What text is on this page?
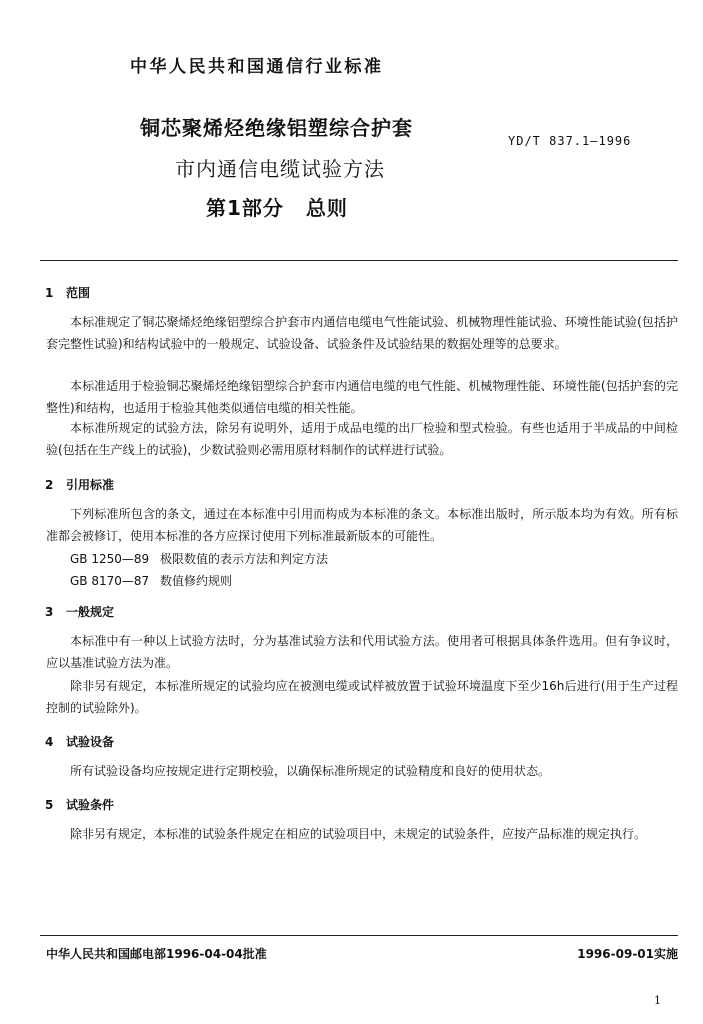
中华人民共和国通信行业标准
铜芯聚烯烃绝缘铝塑综合护套
YD/T 837.1—1996
市内通信电缆试验方法
第1部分 总则
1 范围

本标准规定了铜芯聚烯烃绝缘铝塑综合护套市内通信电缆电气性能试验、机械物理性能试验、环境性能试验(包括护套完整性试验)和结构试验中的一般规定、试验设备、试验条件及试验结果的数据处理等的总要求。

本标准适用于检验铜芯聚烯烃绝缘铝塑综合护套市内通信电缆的电气性能、机械物理性能、环境性能(包括护套的完整性)和结构，也适用于检验其他类似通信电缆的相关性能。

本标准所规定的试验方法，除另有说明外，适用于成品电缆的出厂检验和型式检验。有些也适用于半成品的中间检验(包括在生产线上的试验)，少数试验则必需用原材料制作的试样进行试验。

2 引用标准

下列标准所包含的条文，通过在本标准中引用而构成为本标准的条文。本标准出版时，所示版本均为有效。所有标准都会被修订，使用本标准的各方应探讨使用下列标准最新版本的可能性。

GB 1250—89 极限数值的表示方法和判定方法
GB 8170—87 数值修约规则
3 一般规定

本标准中有一种以上试验方法时，分为基准试验方法和代用试验方法。使用者可根据具体条件选用。但有争议时，应以基准试验方法为准。

除非另有规定，本标准所规定的试验均应在被测电缆或试样被放置于试验环境温度下至少16h后进行(用于生产过程控制的试验除外)。

4 试验设备

所有试验设备均应按规定进行定期校验，以确保标准所规定的试验精度和良好的使用状态。

5 试验条件

除非另有规定，本标准的试验条件规定在相应的试验项目中，未规定的试验条件，应按产品标准的规定执行。

中华人民共和国邮电部1996-04-04批准	1996-09-01实施
1
